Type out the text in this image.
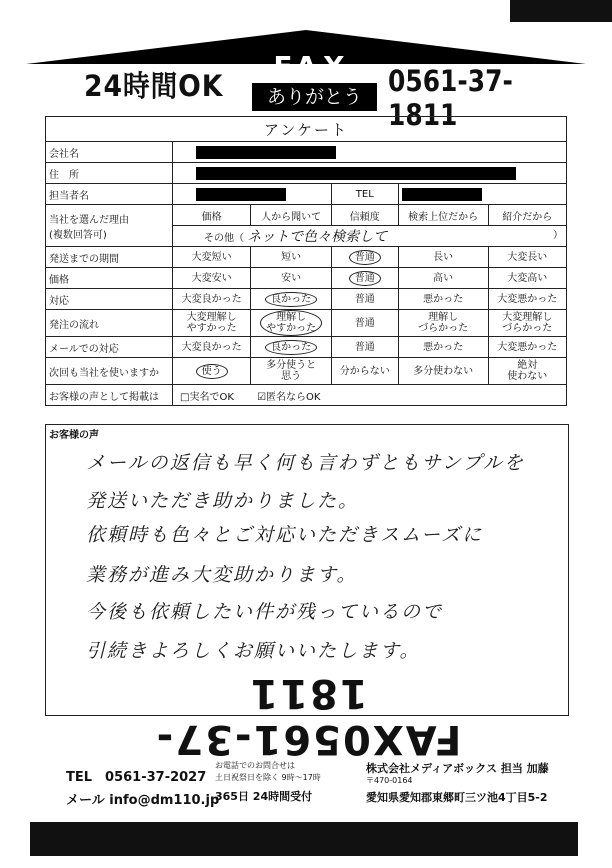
24時間OK
FAX
ありがとう 0561-37-1811
アンケート					
会社名					
住　所					
担当者名			TEL		

当社を選んだ理由
(複数回答可)	価格	人から聞いて	信頼度	検索上位だから	紹介だから
	その他（ ネットで色々検索して ）				

発送までの期間	大変短い	短い	普通	長い	大変長い
価格	大変安い	安い	普通	高い	大変高い
対応	大変良かった	良かった	普通	悪かった	大変悪かった
発注の流れ	大変理解し
やすかった	理解し
やすかった	普通	理解し
づらかった	大変理解し
づらかった
メールでの対応	大変良かった	良かった	普通	悪かった	大変悪かった
次回も当社を使いますか	使う	多分使うと
思う	分からない	多分使わない	絶対
使わない
お客様の声として掲載は	□実名でOK ☑匿名ならOK				
お客様の声
メールの返信も早く何も言わずともサンプルを
発送いただき助かりました。
依頼時も色々とご対応いただきスムーズに
業務が進み大変助かります。
今後も依頼したい件が残っているので
引続きよろしくお願いいたします。
FAX0561-37-1811
TEL　0561-37-2027
メール info@dm110.jp
お電話でのお問合せは
土日祝祭日を除く 9時～17時
365日 24時間受付
株式会社メディアボックス 担当 加藤
〒470-0164
愛知県愛知郡東郷町三ツ池4丁目5-2
